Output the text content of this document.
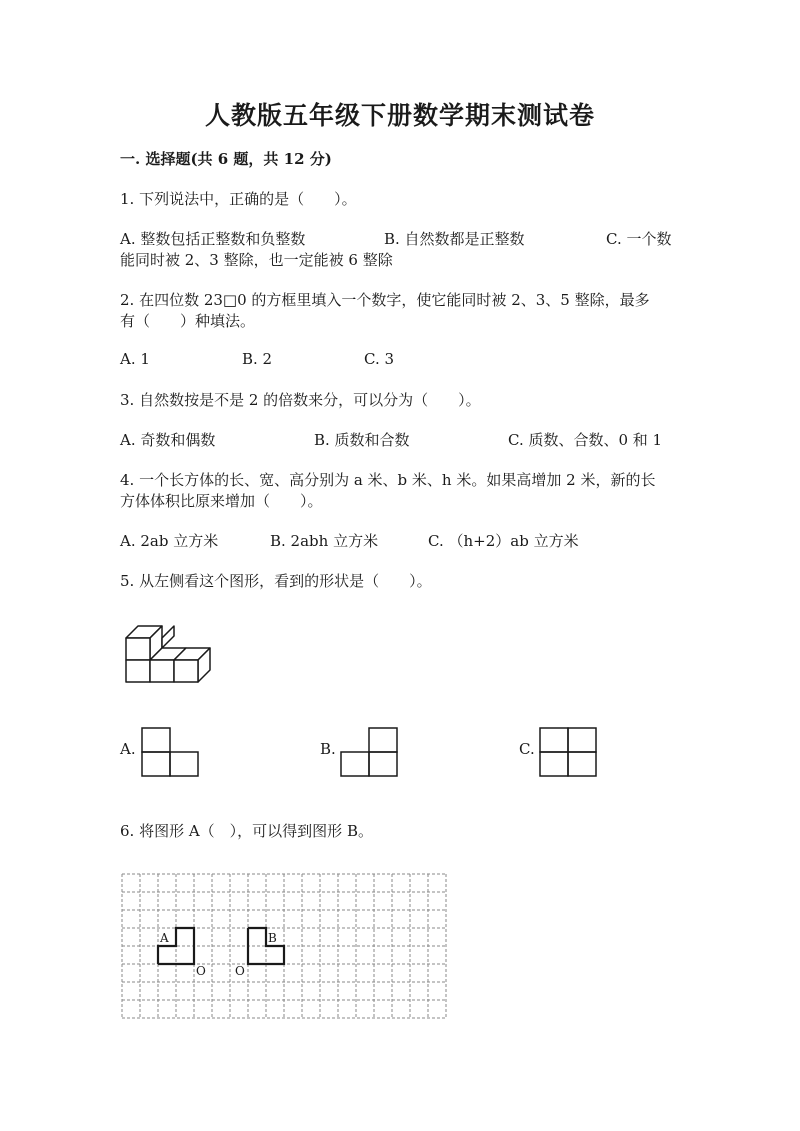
人教版五年级下册数学期末测试卷
一. 选择题(共 6 题，共 12 分)
1. 下列说法中，正确的是（　　）。
A. 整数包括正整数和负整数	B. 自然数都是正整数	C. 一个数
能同时被 2、3 整除，也一定能被 6 整除
2. 在四位数 23□0 的方框里填入一个数字，使它能同时被 2、3、5 整除，最多
有（　　）种填法。
A. 1	B. 2	C. 3
3. 自然数按是不是 2 的倍数来分，可以分为（　　）。
A. 奇数和偶数	B. 质数和合数	C. 质数、合数、0 和 1
4. 一个长方体的长、宽、高分别为 a 米、b 米、h 米。如果高增加 2 米，新的长
方体体积比原来增加（　　）。
A. 2ab 立方米	B. 2abh 立方米	C. （h+2）ab 立方米
5. 从左侧看这个图形，看到的形状是（　　）。
A.	B.	C.
6. 将图形 A（　），可以得到图形 B。
A	B
O O
